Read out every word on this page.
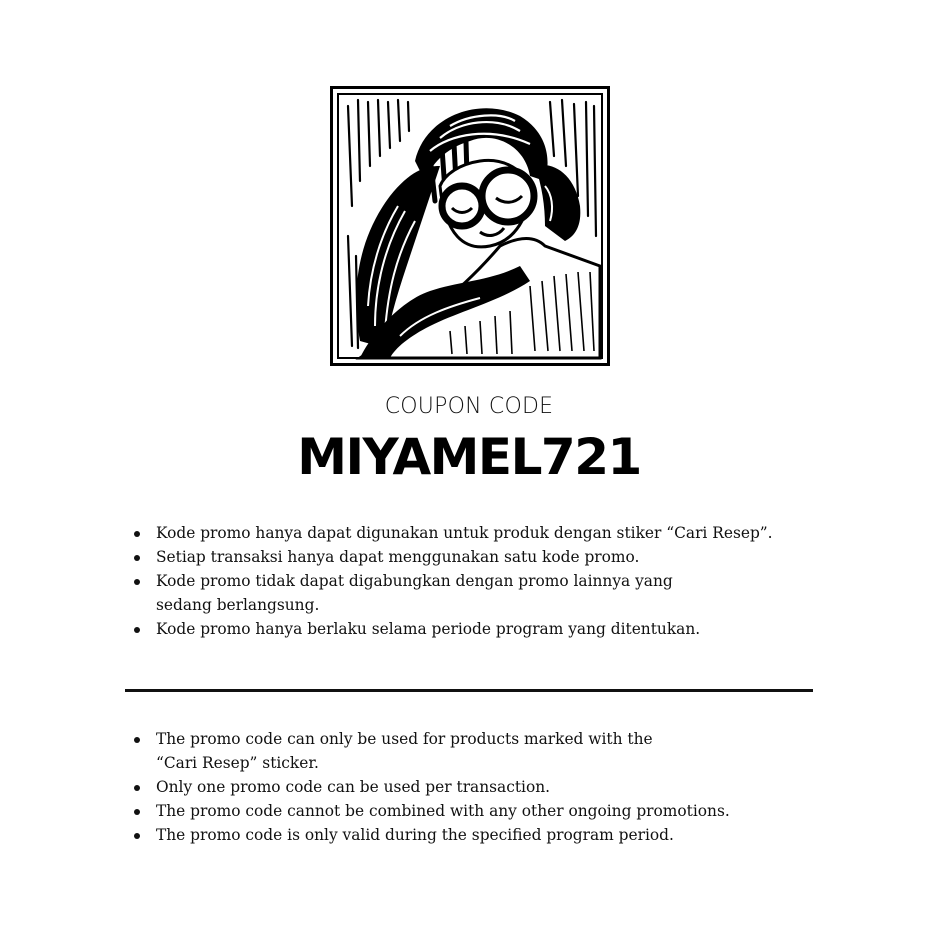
COUPON CODE
MIYAMEL721
Kode promo hanya dapat digunakan untuk produk dengan stiker “Cari Resep”.
Setiap transaksi hanya dapat menggunakan satu kode promo.
Kode promo tidak dapat digabungkan dengan promo lainnya yang
sedang berlangsung.
Kode promo hanya berlaku selama periode program yang ditentukan.
The promo code can only be used for products marked with the
“Cari Resep” sticker.
Only one promo code can be used per transaction.
The promo code cannot be combined with any other ongoing promotions.
The promo code is only valid during the specified program period.
